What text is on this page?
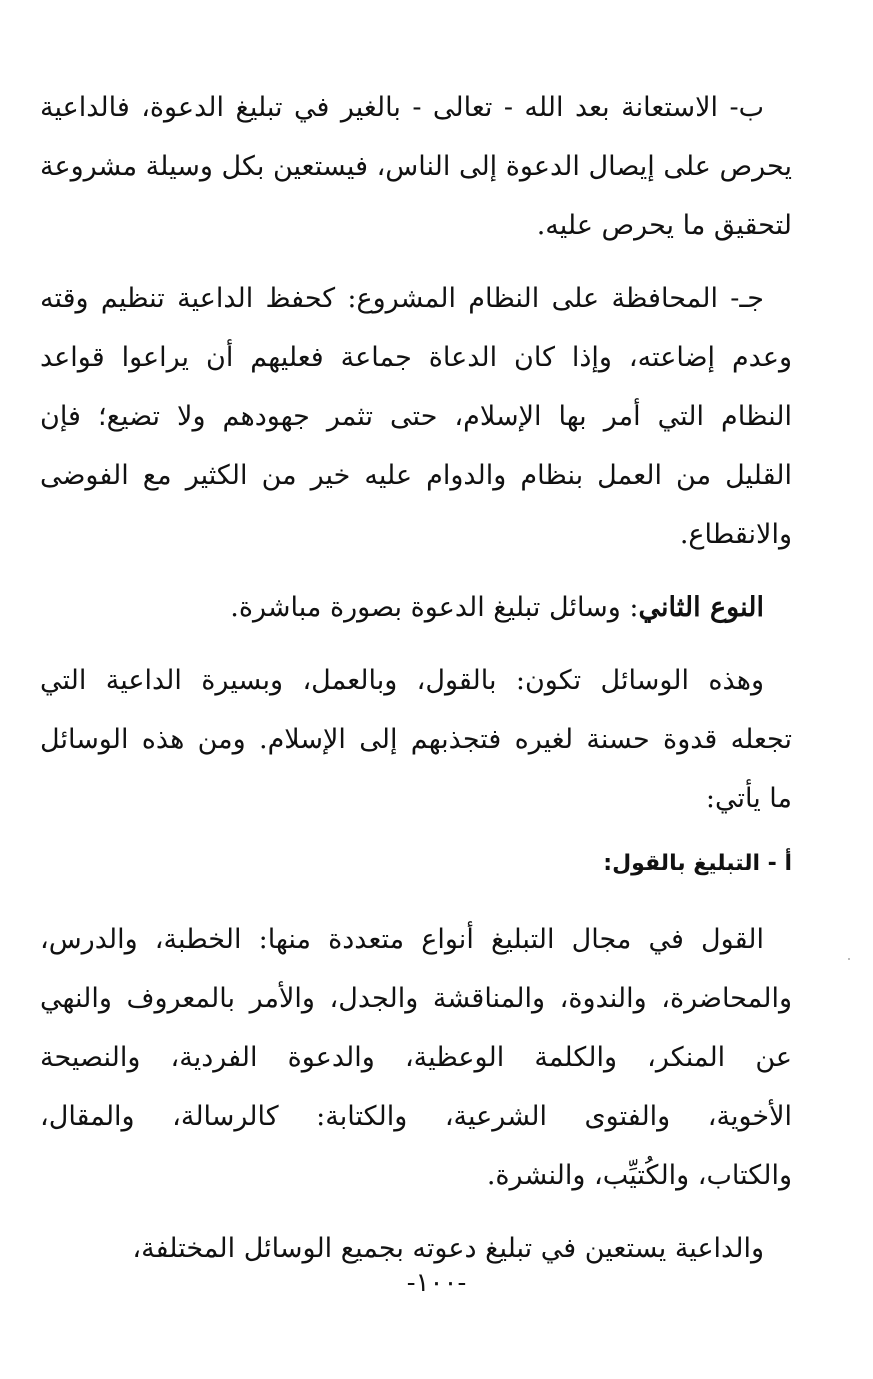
ب- الاستعانة بعد الله - تعالى - بالغير في تبليغ الدعوة، فالداعية
يحرص على إيصال الدعوة إلى الناس، فيستعين بكل وسيلة مشروعة
لتحقيق ما يحرص عليه.
جـ- المحافظة على النظام المشروع: كحفظ الداعية تنظيم وقته
وعدم إضاعته، وإذا كان الدعاة جماعة فعليهم أن يراعوا قواعد
النظام التي أمر بها الإسلام، حتى تثمر جهودهم ولا تضيع؛ فإن
القليل من العمل بنظام والدوام عليه خير من الكثير مع الفوضى
والانقطاع.
النوع الثاني: وسائل تبليغ الدعوة بصورة مباشرة.
وهذه الوسائل تكون: بالقول، وبالعمل، وبسيرة الداعية التي
تجعله قدوة حسنة لغيره فتجذبهم إلى الإسلام. ومن هذه الوسائل
ما يأتي:
أ - التبليغ بالقول:
القول في مجال التبليغ أنواع متعددة منها: الخطبة، والدرس،
والمحاضرة، والندوة، والمناقشة والجدل، والأمر بالمعروف والنهي
عن المنكر، والكلمة الوعظية، والدعوة الفردية، والنصيحة
الأخوية، والفتوى الشرعية، والكتابة: كالرسالة، والمقال،
والكتاب، والكُتيِّب، والنشرة.
والداعية يستعين في تبليغ دعوته بجميع الوسائل المختلفة،
-١٠٠-
